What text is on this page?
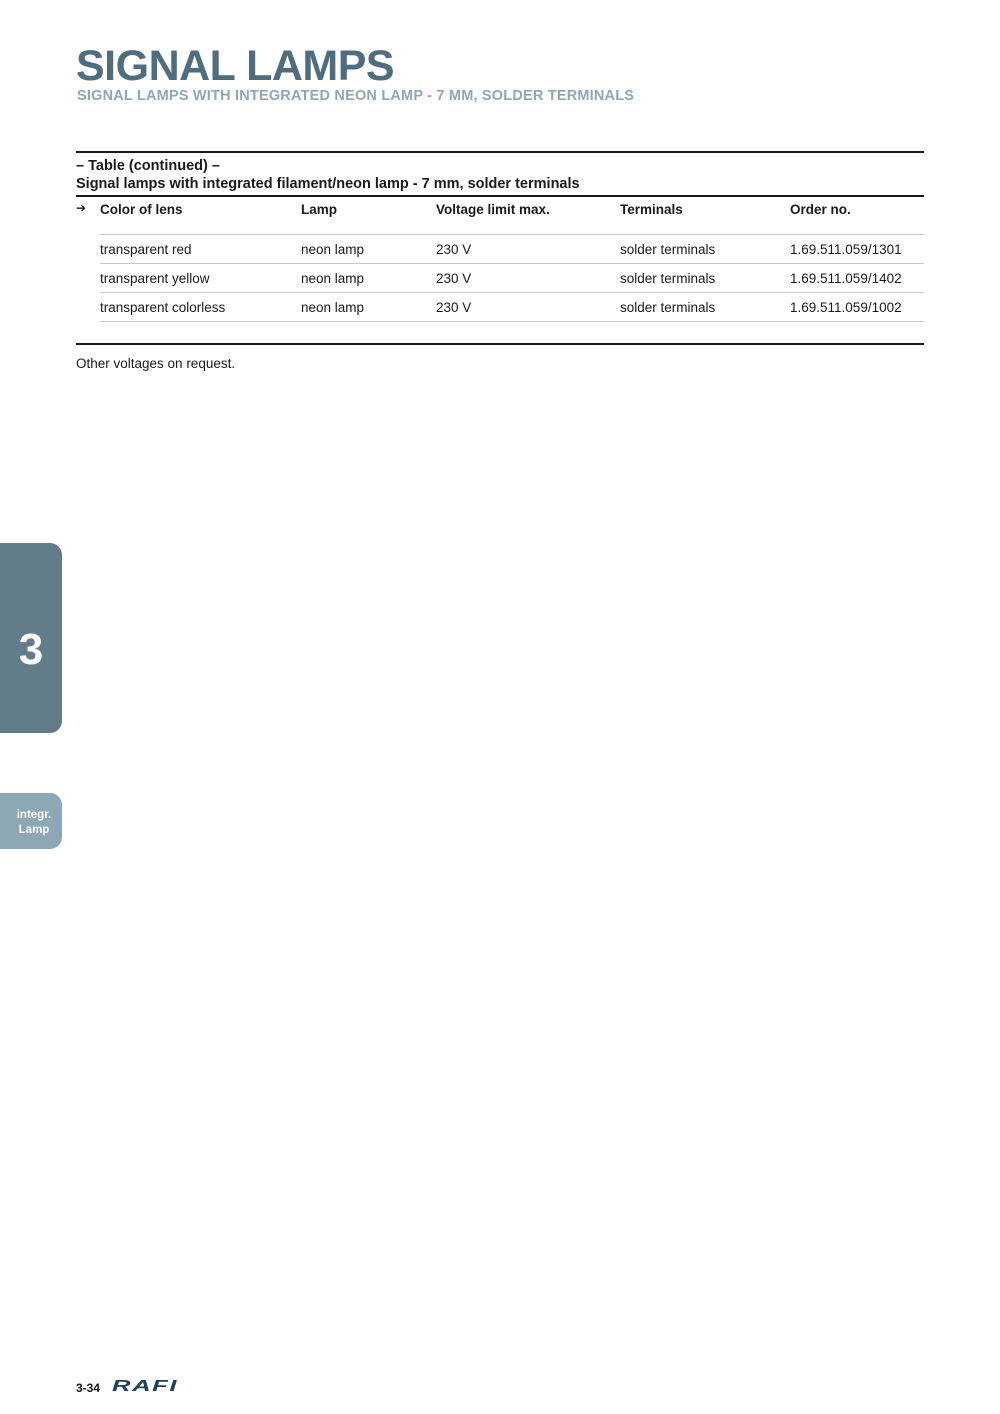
SIGNAL LAMPS
SIGNAL LAMPS WITH INTEGRATED NEON LAMP - 7 MM, SOLDER TERMINALS
– Table (continued) –
Signal lamps with integrated filament/neon lamp - 7 mm, solder terminals
➔ Color of lens	Lamp	Voltage limit max.	Terminals	Order no.
transparent red	neon lamp	230 V	solder terminals	1.69.511.059/1301
transparent yellow	neon lamp	230 V	solder terminals	1.69.511.059/1402
transparent colorless	neon lamp	230 V	solder terminals	1.69.511.059/1002
Other voltages on request.
3
integr.
Lamp
3-34 RAFI
